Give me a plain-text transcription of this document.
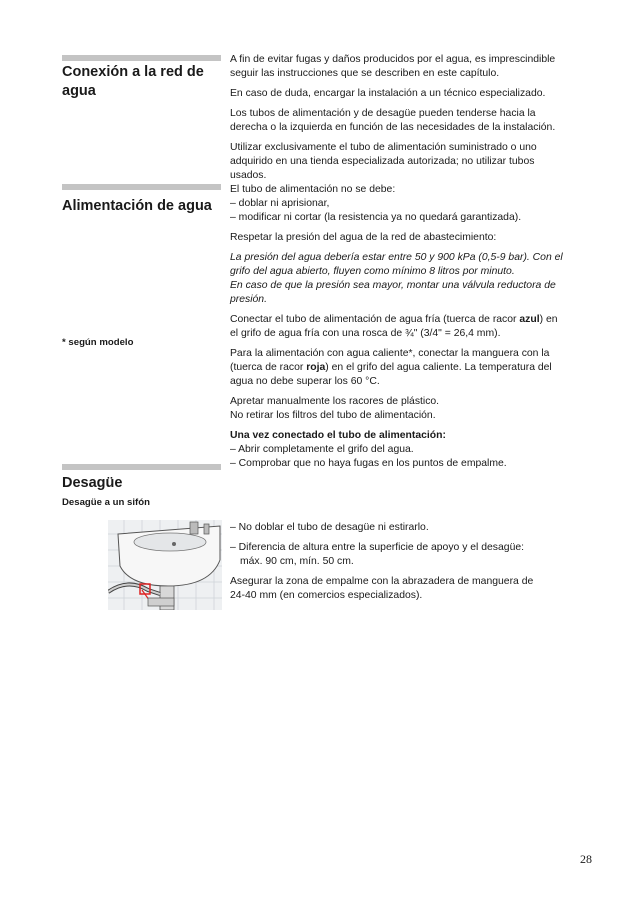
Conexión a la red de agua

A fin de evitar fugas y daños producidos por el agua, es imprescindible
seguir las instrucciones que se describen en este capítulo.

En caso de duda, encargar la instalación a un técnico especializado.

Los tubos de alimentación y de desagüe pueden tenderse hacia la
derecha o la izquierda en función de las necesidades de la instalación.

Utilizar exclusivamente el tubo de alimentación suministrado o uno
adquirido en una tienda especializada autorizada; no utilizar tubos
usados.

Alimentación de agua

* según modelo

El tubo de alimentación no se debe:
– doblar ni aprisionar,
– modificar ni cortar (la resistencia ya no quedará garantizada).

Respetar la presión del agua de la red de abastecimiento:

La presión del agua debería estar entre 50 y 900 kPa (0,5-9 bar). Con el
grifo del agua abierto, fluyen como mínimo 8 litros por minuto.
En caso de que la presión sea mayor, montar una válvula reductora de
presión.

Conectar el tubo de alimentación de agua fría (tuerca de racor azul) en
el grifo de agua fría con una rosca de ¾" (3/4" = 26,4 mm).

Para la alimentación con agua caliente*, conectar la manguera con la
(tuerca de racor roja) en el grifo del agua caliente. La temperatura del
agua no debe superar los 60 °C.

Apretar manualmente los racores de plástico.
No retirar los filtros del tubo de alimentación.

Una vez conectado el tubo de alimentación:
– Abrir completamente el grifo del agua.
– Comprobar que no haya fugas en los puntos de empalme.

Desagüe

Desagüe a un sifón

– No doblar el tubo de desagüe ni estirarlo.

– Diferencia de altura entre la superficie de apoyo y el desagüe:
máx. 90 cm, mín. 50 cm.

Asegurar la zona de empalme con la abrazadera de manguera de
24-40 mm (en comercios especializados).

28
